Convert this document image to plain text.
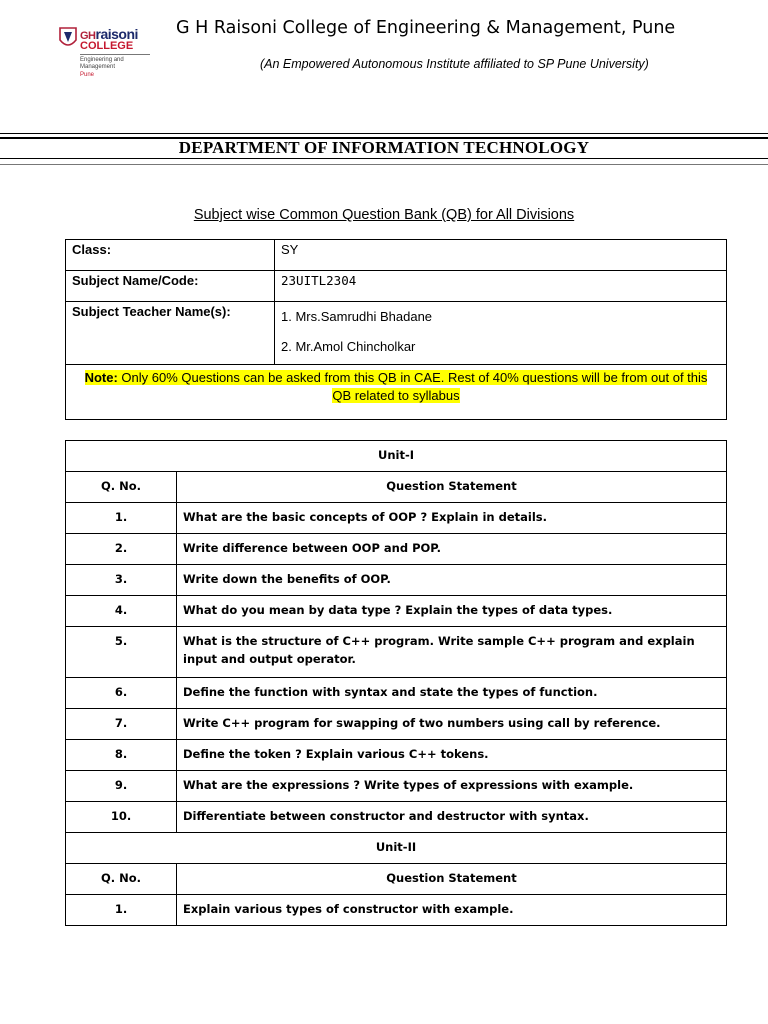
GHraisoni
COLLEGE
Engineering and Management
Pune
G H Raisoni College of Engineering & Management, Pune
(An Empowered Autonomous Institute affiliated to SP Pune University)
DEPARTMENT OF INFORMATION TECHNOLOGY
Subject wise Common Question Bank (QB) for All Divisions
Class:	SY
Subject Name/Code:	23UITL2304
Subject Teacher Name(s):	1. Mrs.Samrudhi Bhadane
2. Mr.Amol Chincholkar

Note: Only 60% Questions can be asked from this QB in CAE. Rest of 40% questions will be from out of this QB related to syllabus	
Unit-I	
Q. No.	Question Statement
1.	What are the basic concepts of OOP ? Explain in details.
2.	Write difference between OOP and POP.
3.	Write down the benefits of OOP.
4.	What do you mean by data type ? Explain the types of data types.
5.	What is the structure of C++ program. Write sample C++ program and explain input and output operator.
6.	Define the function with syntax and state the types of function.
7.	Write C++ program for swapping of two numbers using call by reference.
8.	Define the token ? Explain various C++ tokens.
9.	What are the expressions ? Write types of expressions with example.
10.	Differentiate between constructor and destructor with syntax.
Unit-II	
Q. No.	Question Statement
1.	Explain various types of constructor with example.
